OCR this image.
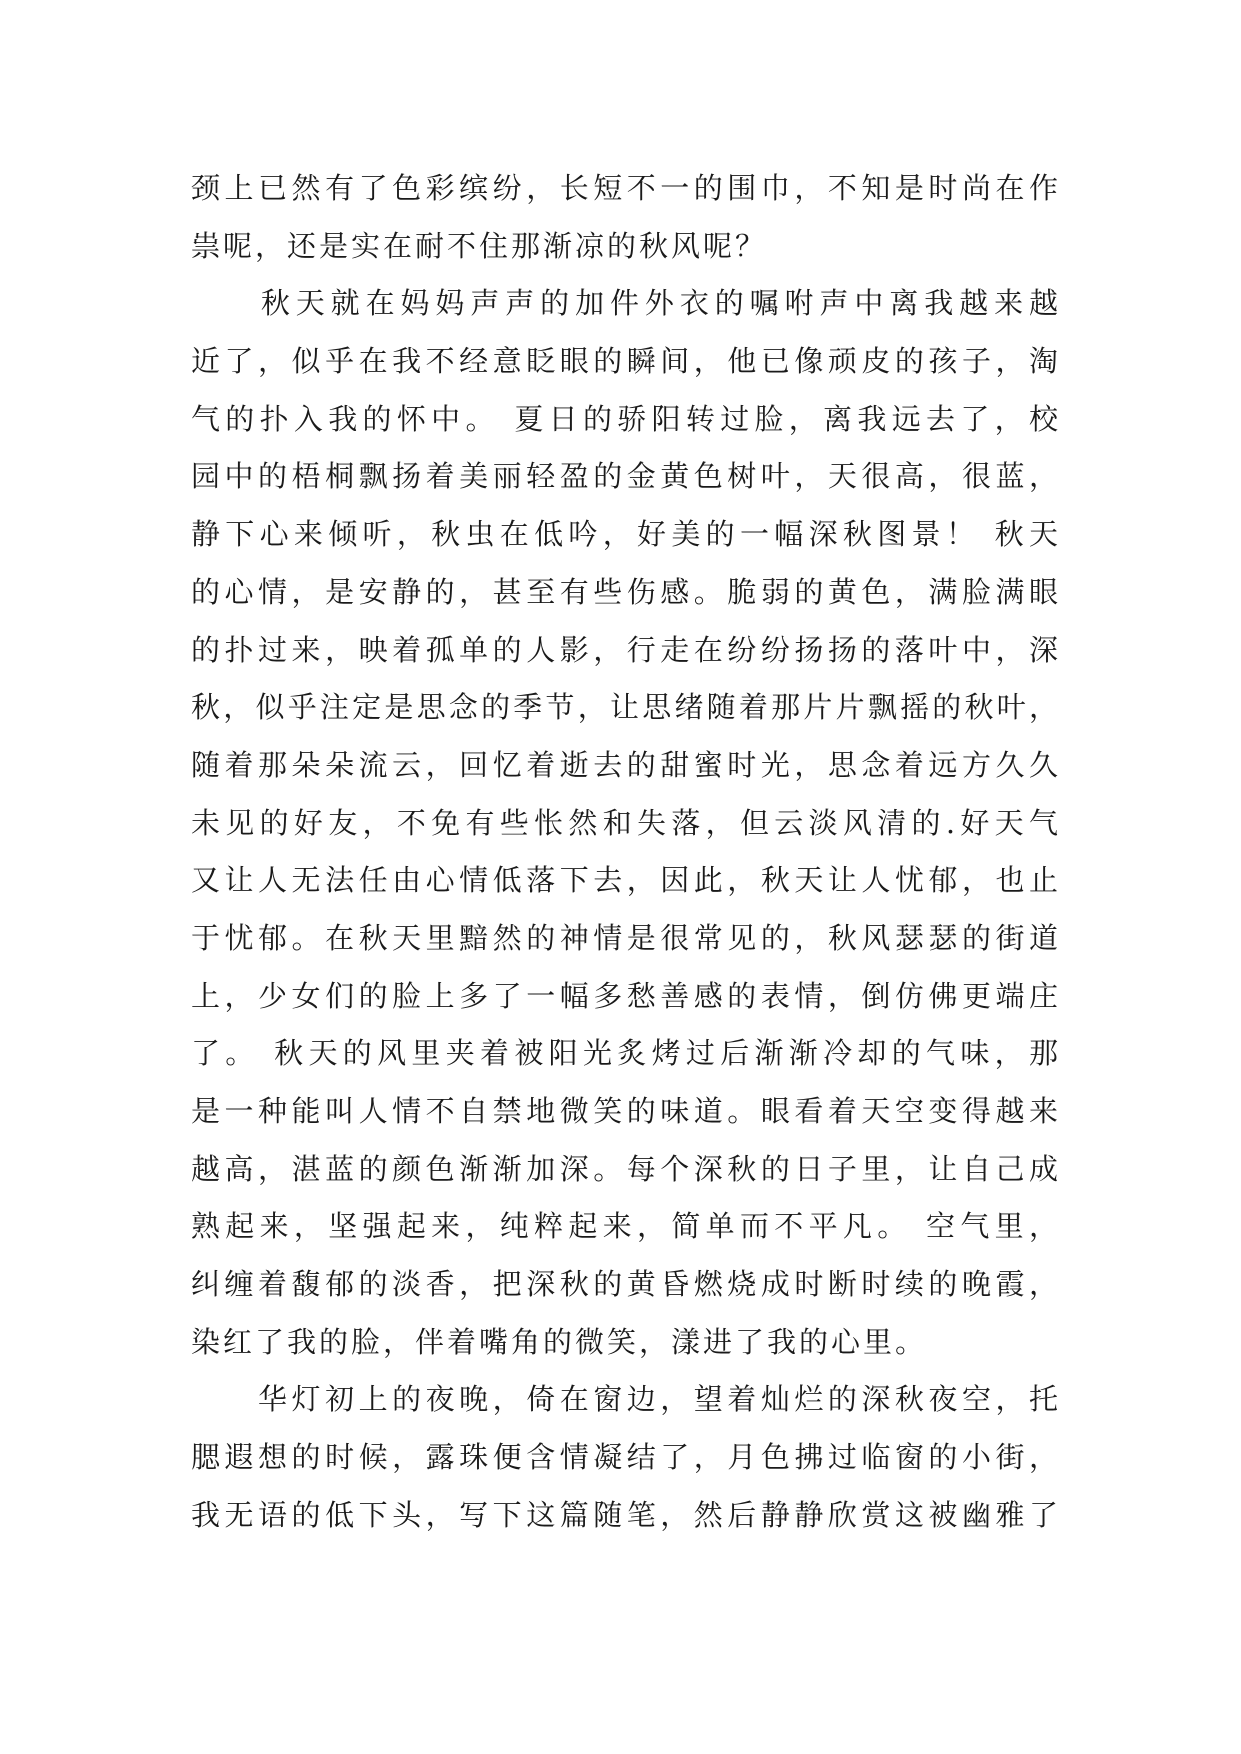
颈上已然有了色彩缤纷，长短不一的围巾，不知是时尚在作
祟呢，还是实在耐不住那渐凉的秋风呢？
　　秋天就在妈妈声声的加件外衣的嘱咐声中离我越来越
近了，似乎在我不经意眨眼的瞬间，他已像顽皮的孩子，淘
气的扑入我的怀中。 夏日的骄阳转过脸，离我远去了，校
园中的梧桐飘扬着美丽轻盈的金黄色树叶，天很高，很蓝，
静下心来倾听，秋虫在低吟，好美的一幅深秋图景！ 秋天
的心情，是安静的，甚至有些伤感。脆弱的黄色，满脸满眼
的扑过来，映着孤单的人影，行走在纷纷扬扬的落叶中，深
秋，似乎注定是思念的季节，让思绪随着那片片飘摇的秋叶，
随着那朵朵流云，回忆着逝去的甜蜜时光，思念着远方久久
未见的好友，不免有些怅然和失落，但云淡风清的.好天气
又让人无法任由心情低落下去，因此，秋天让人忧郁，也止
于忧郁。在秋天里黯然的神情是很常见的，秋风瑟瑟的街道
上，少女们的脸上多了一幅多愁善感的表情，倒仿佛更端庄
了。 秋天的风里夹着被阳光炙烤过后渐渐冷却的气味，那
是一种能叫人情不自禁地微笑的味道。眼看着天空变得越来
越高，湛蓝的颜色渐渐加深。每个深秋的日子里，让自己成
熟起来，坚强起来，纯粹起来，简单而不平凡。 空气里，
纠缠着馥郁的淡香，把深秋的黄昏燃烧成时断时续的晚霞，
染红了我的脸，伴着嘴角的微笑，漾进了我的心里。
　　华灯初上的夜晚，倚在窗边，望着灿烂的深秋夜空，托
腮遐想的时候，露珠便含情凝结了，月色拂过临窗的小街，
我无语的低下头，写下这篇随笔，然后静静欣赏这被幽雅了
